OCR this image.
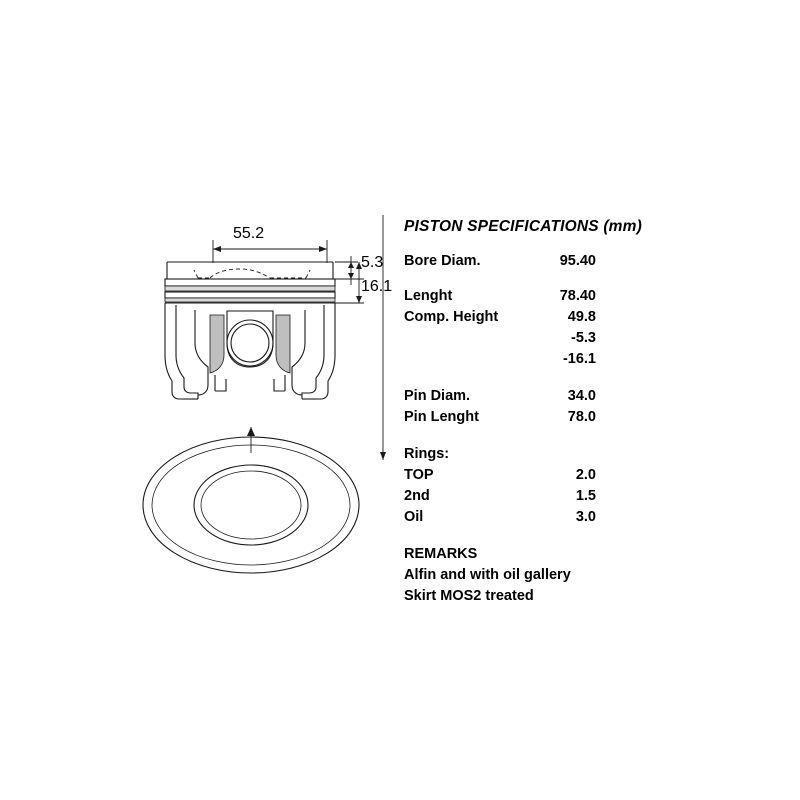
55.2
5.3
16.1
PISTON SPECIFICATIONS (mm)
Bore Diam.	95.40
Lenght	78.40
Comp. Height	49.8
-5.3
-16.1
Pin Diam.	34.0
Pin Lenght	78.0
Rings:
TOP	2.0
2nd	1.5
Oil	3.0
REMARKS
Alfin and with oil gallery
Skirt MOS2 treated
